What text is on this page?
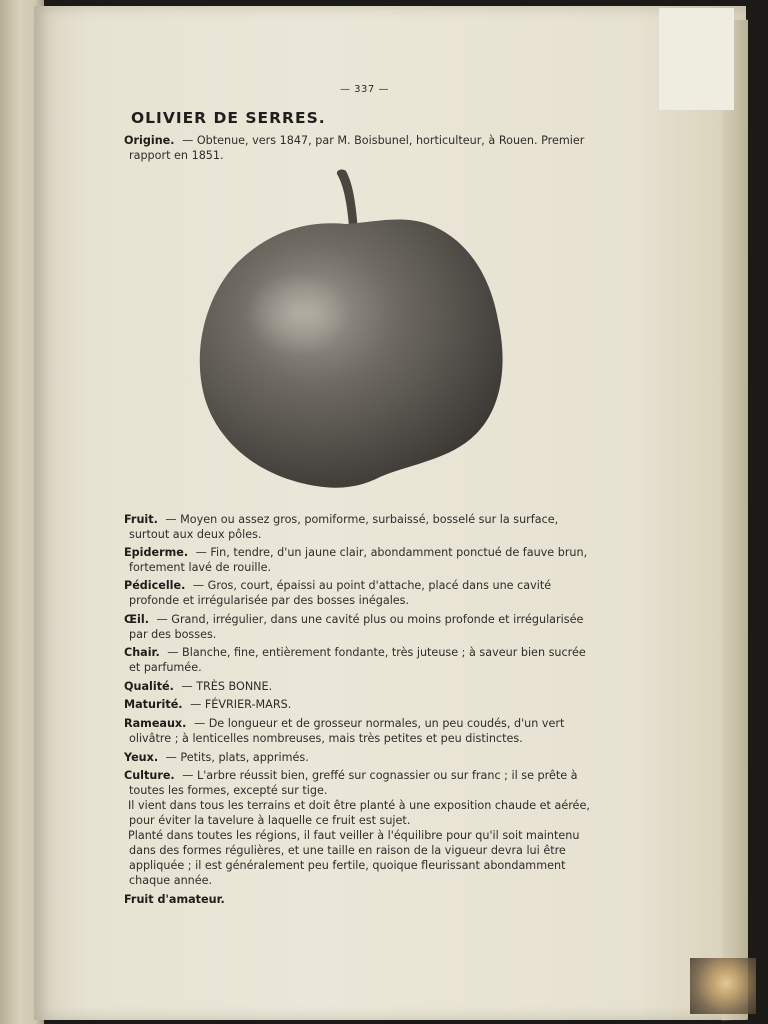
— 337 —
OLIVIER DE SERRES.
Origine. — Obtenue, vers 1847, par M. Boisbunel, horticulteur, à Rouen. Premier rapport en 1851.
Fruit. — Moyen ou assez gros, pomiforme, surbaissé, bosselé sur la surface, surtout aux deux pôles.
Epiderme. — Fin, tendre, d'un jaune clair, abondamment ponctué de fauve brun, fortement lavé de rouille.
Pédicelle. — Gros, court, épaissi au point d'attache, placé dans une cavité profonde et irrégularisée par des bosses inégales.
Œil. — Grand, irrégulier, dans une cavité plus ou moins profonde et irrégularisée par des bosses.
Chair. — Blanche, fine, entièrement fondante, très juteuse ; à saveur bien sucrée et parfumée.
Qualité. — TRÈS BONNE.
Maturité. — FÉVRIER-MARS.
Rameaux. — De longueur et de grosseur normales, un peu coudés, d'un vert olivâtre ; à lenticelles nombreuses, mais très petites et peu distinctes.
Yeux. — Petits, plats, apprimés.
Culture. — L'arbre réussit bien, greffé sur cognassier ou sur franc ; il se prête à toutes les formes, excepté sur tige.
Il vient dans tous les terrains et doit être planté à une exposition chaude et aérée, pour éviter la tavelure à laquelle ce fruit est sujet.
Planté dans toutes les régions, il faut veiller à l'équilibre pour qu'il soit maintenu dans des formes régulières, et une taille en raison de la vigueur devra lui être appliquée ; il est généralement peu fertile, quoique fleurissant abondamment chaque année.
Fruit d'amateur.
